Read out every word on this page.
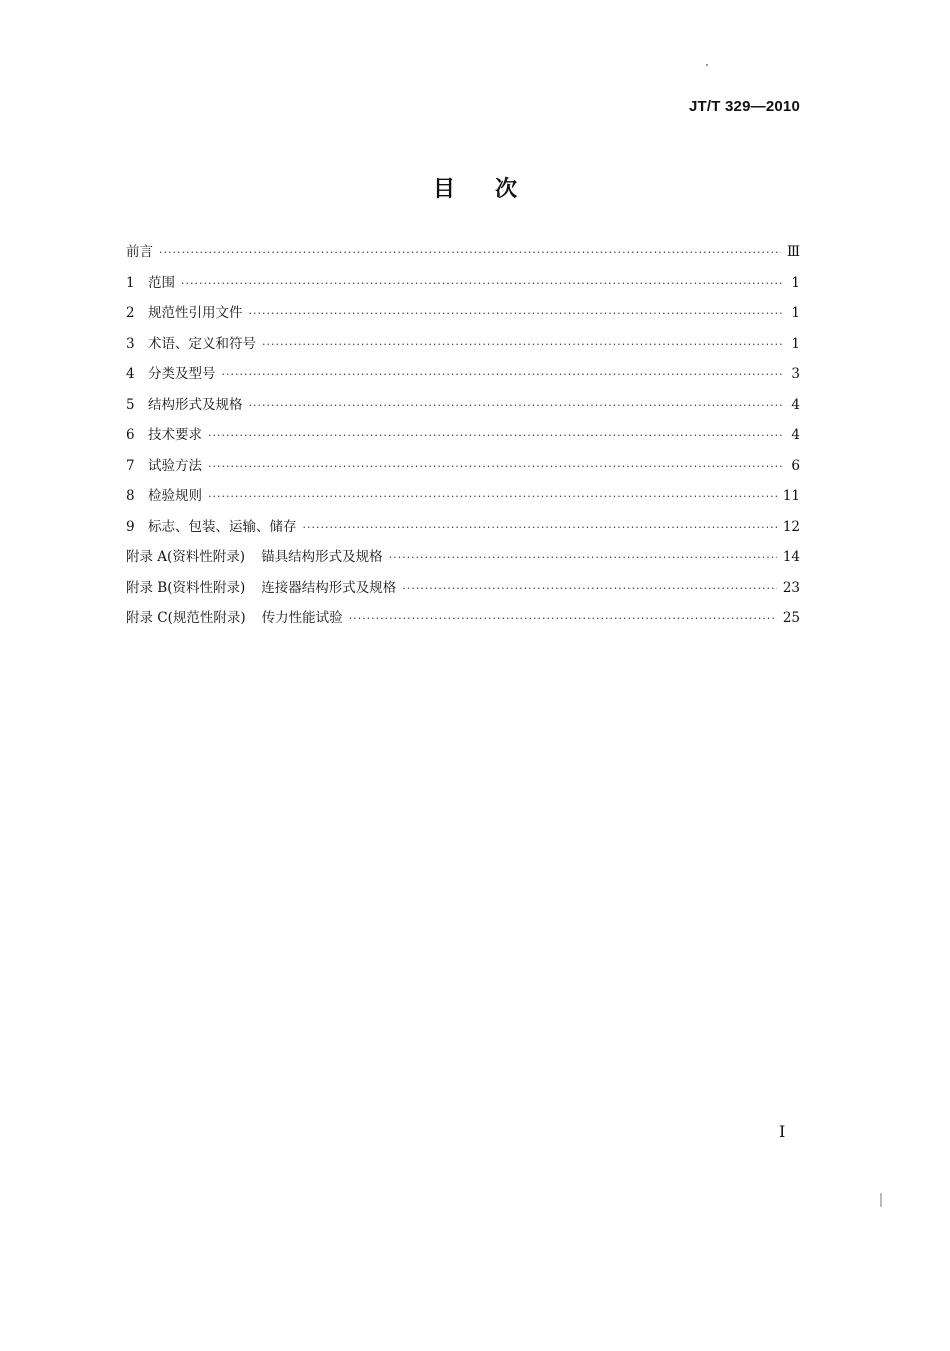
JT/T 329—2010
目次
前言 ·····	Ⅲ
1 范围 ·····	1
2 规范性引用文件 ·····	1
3 术语、定义和符号 ·····	1
4 分类及型号 ·····	3
5 结构形式及规格 ·····	4
6 技术要求 ·····	4
7 试验方法 ·····	6
8 检验规则 ·····	11
9 标志、包装、运输、储存 ·····	12
附录 A(资料性附录) 锚具结构形式及规格 ·····	14
附录 B(资料性附录) 连接器结构形式及规格 ·····	23
附录 C(规范性附录) 传力性能试验 ·····	25
I
